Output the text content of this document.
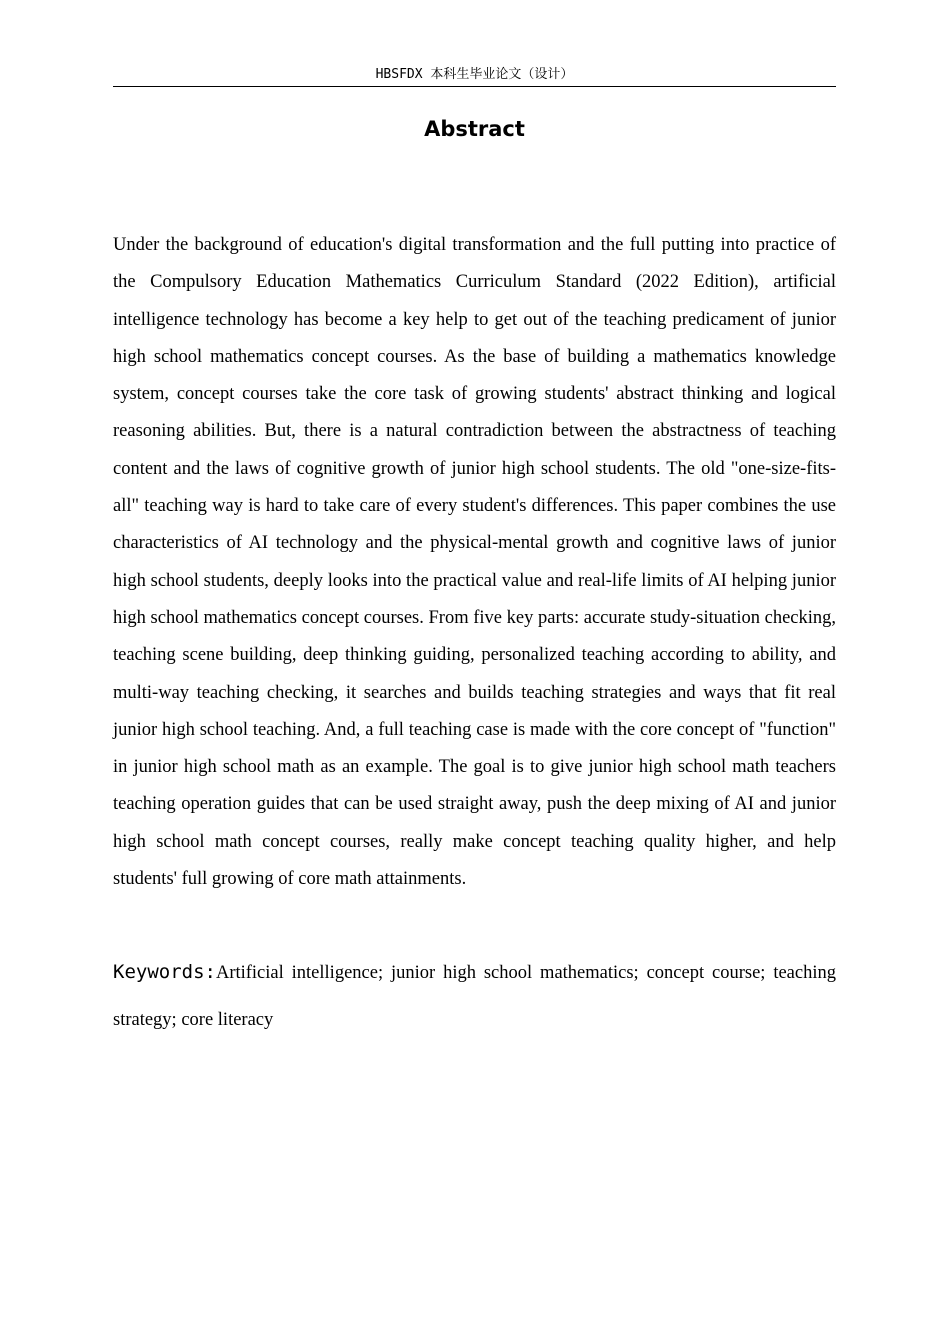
HBSFDX 本科生毕业论文（设计）
Abstract

Under the background of education's digital transformation and the full putting into practice of the Compulsory Education Mathematics Curriculum Standard (2022 Edition), artificial intelligence technology has become a key help to get out of the teaching predicament of junior high school mathematics concept courses. As the base of building a mathematics knowledge system, concept courses take the core task of growing students' abstract thinking and logical reasoning abilities. But, there is a natural contradiction between the abstractness of teaching content and the laws of cognitive growth of junior high school students. The old "one-size-fits-all" teaching way is hard to take care of every student's differences. This paper combines the use characteristics of AI technology and the physical-mental growth and cognitive laws of junior high school students, deeply looks into the practical value and real-life limits of AI helping junior high school mathematics concept courses. From five key parts: accurate study-situation checking, teaching scene building, deep thinking guiding, personalized teaching according to ability, and multi-way teaching checking, it searches and builds teaching strategies and ways that fit real junior high school teaching. And, a full teaching case is made with the core concept of "function" in junior high school math as an example. The goal is to give junior high school math teachers teaching operation guides that can be used straight away, push the deep mixing of AI and junior high school math concept courses, really make concept teaching quality higher, and help students' full growing of core math attainments.

Keywords:Artificial intelligence; junior high school mathematics; concept course; teaching strategy; core literacy
